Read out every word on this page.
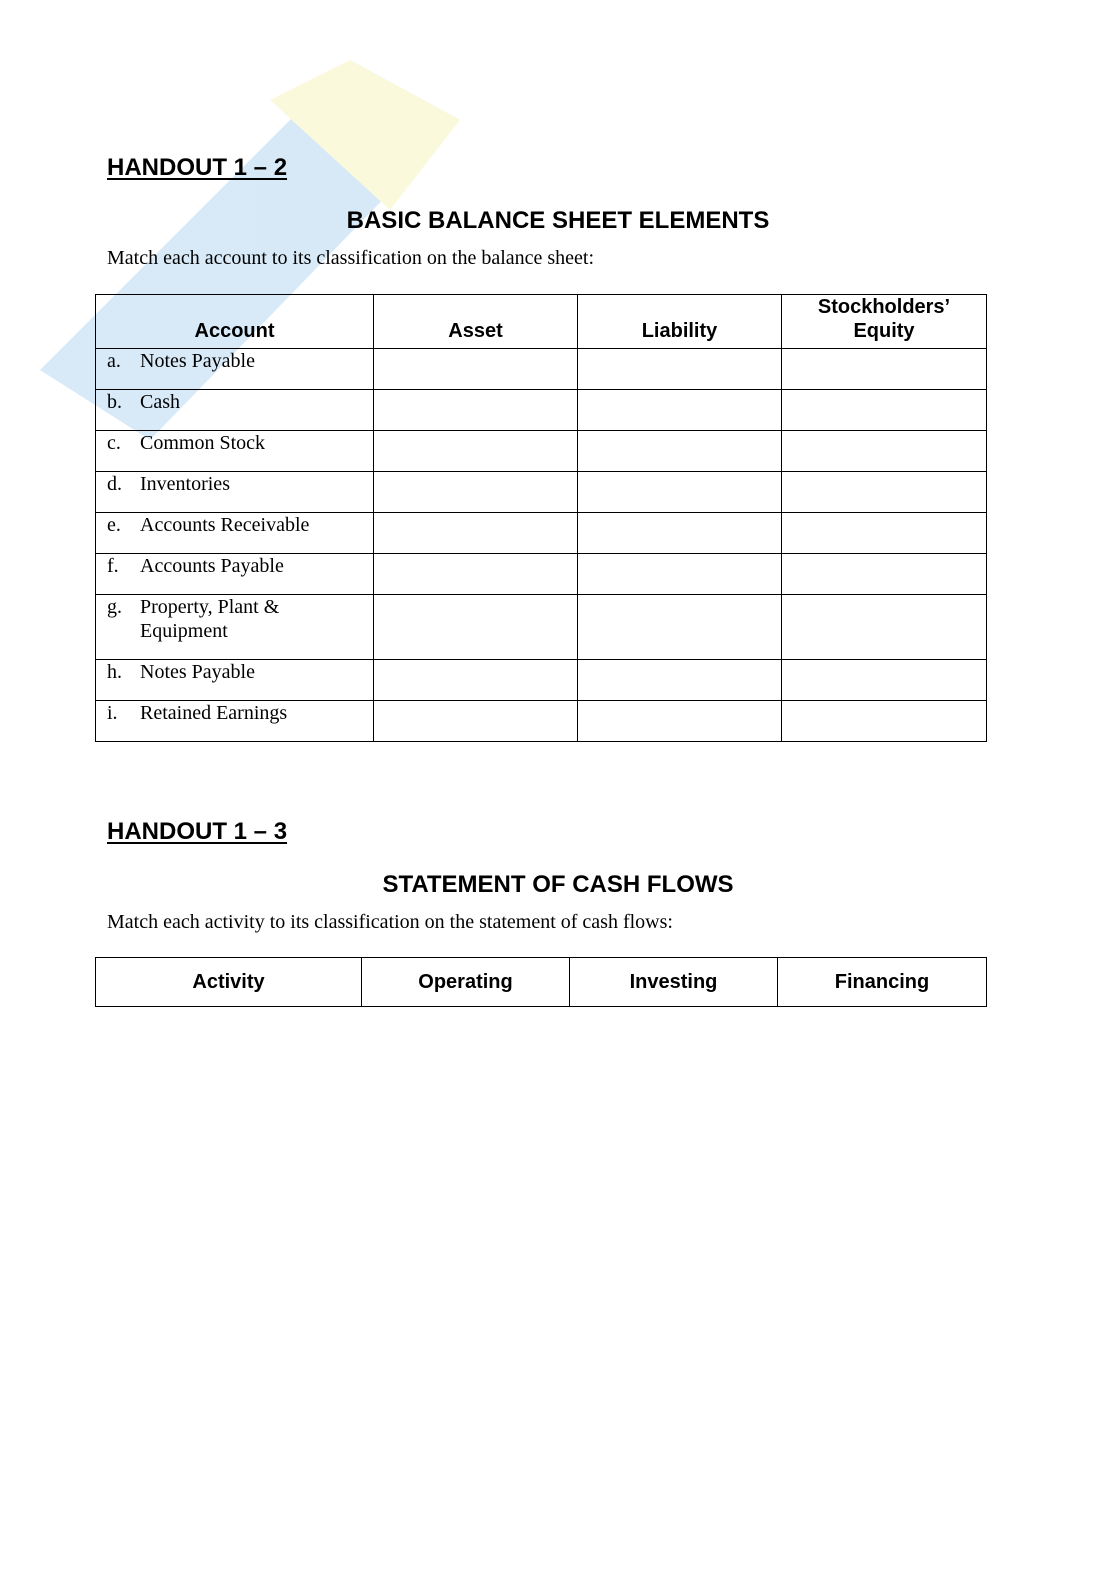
HANDOUT 1 – 2
BASIC BALANCE SHEET ELEMENTS
Match each account to its classification on the balance sheet:
Account	Asset	Liability	Stockholders’
Equity

a. Notes Payable			

b. Cash			

c. Common Stock			

d. Inventories			

e. Accounts Receivable			

f. Accounts Payable			

g. Property, Plant & Equipment			

h. Notes Payable			

i. Retained Earnings			

HANDOUT 1 – 3
STATEMENT OF CASH FLOWS
Match each activity to its classification on the statement of cash flows:
Activity	Operating	Investing	Financing
